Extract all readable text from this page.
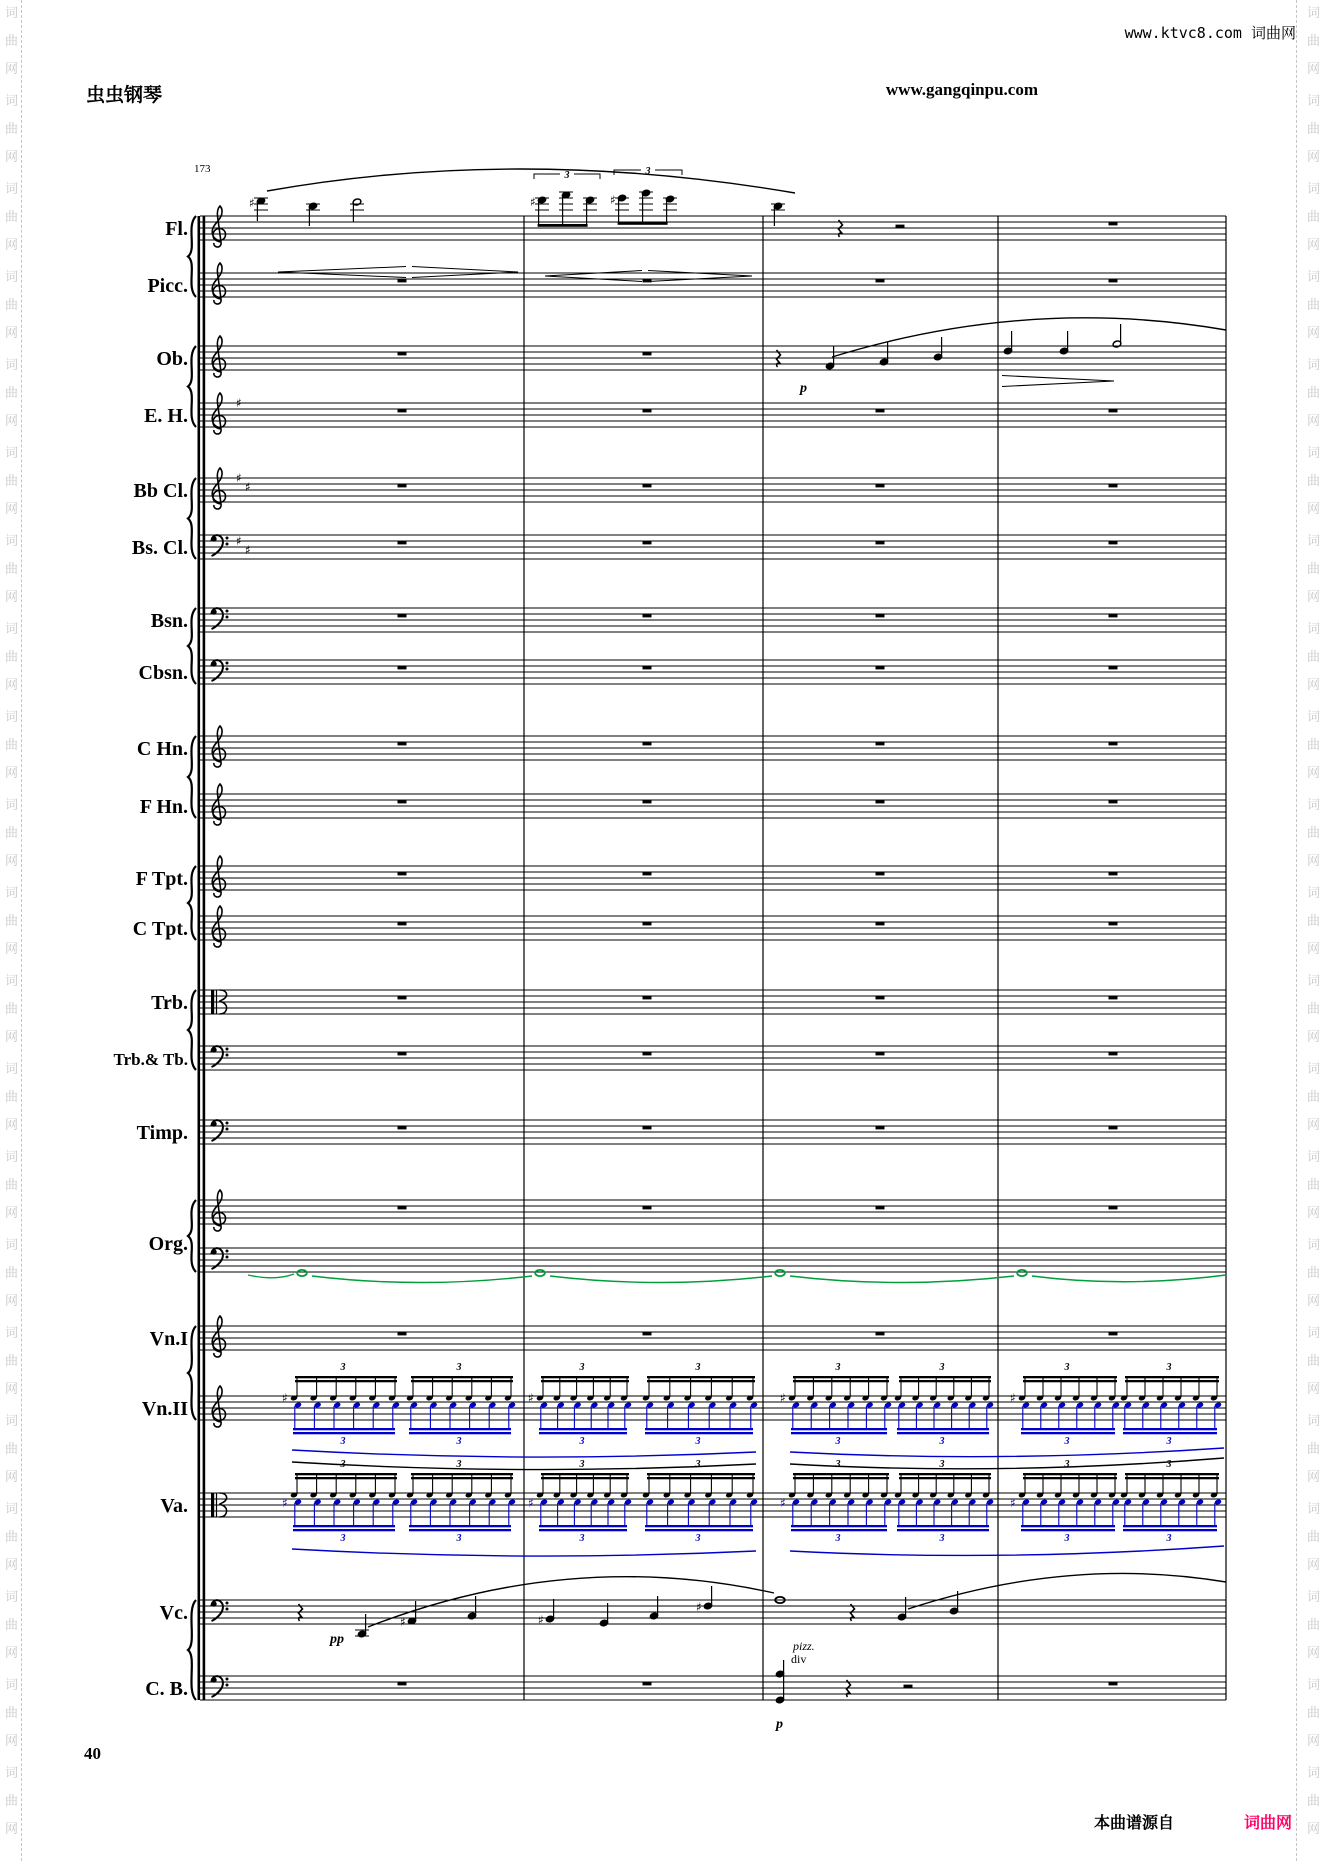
词
曲
网
词
曲
网
词
曲
网
词
曲
网
词
曲
网
词
曲
网
词
曲
网
词
曲
网
词
曲
网
词
曲
网
词
曲
网
词
曲
网
词
曲
网
词
曲
网
词
曲
网
词
曲
网
词
曲
网
词
曲
网
词
曲
网
词
曲
网
词
曲
网
词
曲
网
词
曲
网
词
曲
网
词
曲
网
词
曲
网
词
曲
网
词
曲
网
词
曲
网
词
曲
网
词
曲
网
词
曲
网
词
曲
网
词
曲
网
词
曲
网
词
曲
网
词
曲
网
词
曲
网
词
曲
网
词
曲
网
词
曲
网
词
曲
网
www.ktvc8.com 词曲网
虫虫钢琴	www.gangqinpu.com
173
Fl.
♯
3
♯
3
♯
Picc.
Ob.
p
E. H.
♯
Bb Cl.
♯
♯
Bs. Cl.	♯
♯
Bsn.
Cbsn.
C Hn.
F Hn.
F Tpt.
C Tpt.
Trb.
Trb.& Tb.
Timp.
Org.
Vn.I
Vn.II
Va.
Vc.
pp
♯	♯
♯
C. B.
pizz.
div
p
3
3
3
3
3
3
3
3
3
3
3
3
3
3
3
3
♯	♯	♯	♯
3
3
3
3
3
3
3
3
3
3
3
3
3
3
3
3
♯	♯	♯	♯
40
本曲谱源自	词曲网
